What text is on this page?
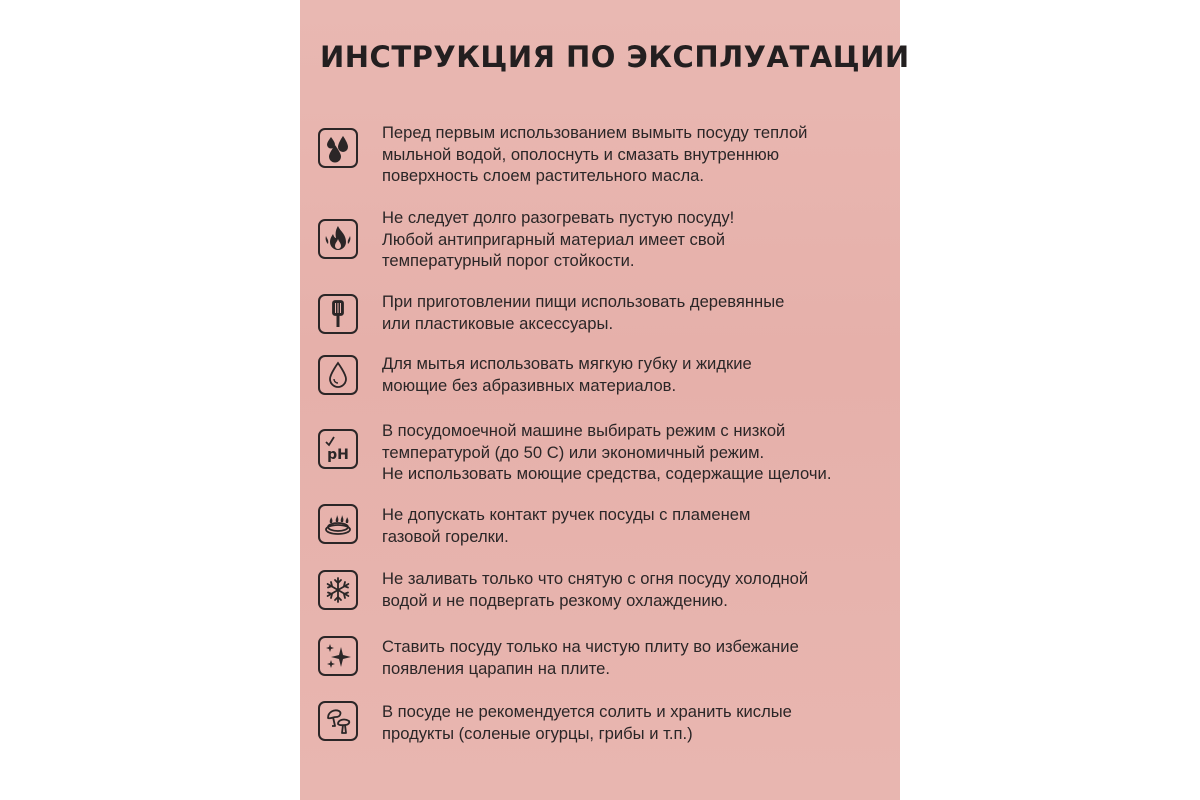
ИНСТРУКЦИЯ ПО ЭКСПЛУАТАЦИИ

Перед первым использованием вымыть посуду теплой
мыльной водой, ополоснуть и смазать внутреннюю
поверхность слоем растительного масла.

Не следует долго разогревать пустую посуду!
Любой антипригарный материал имеет свой
температурный порог стойкости.

При приготовлении пищи использовать деревянные
или пластиковые аксессуары.

Для мытья использовать мягкую губку и жидкие
моющие без абразивных материалов.

pH

В посудомоечной машине выбирать режим с низкой
температурой (до 50 С) или экономичный режим.
Не использовать моющие средства, содержащие щелочи.

Не допускать контакт ручек посуды с пламенем
газовой горелки.

Не заливать только что снятую с огня посуду холодной
водой и не подвергать резкому охлаждению.

Ставить посуду только на чистую плиту во избежание
появления царапин на плите.

В посуде не рекомендуется солить и хранить кислые
продукты (соленые огурцы, грибы и т.п.)
